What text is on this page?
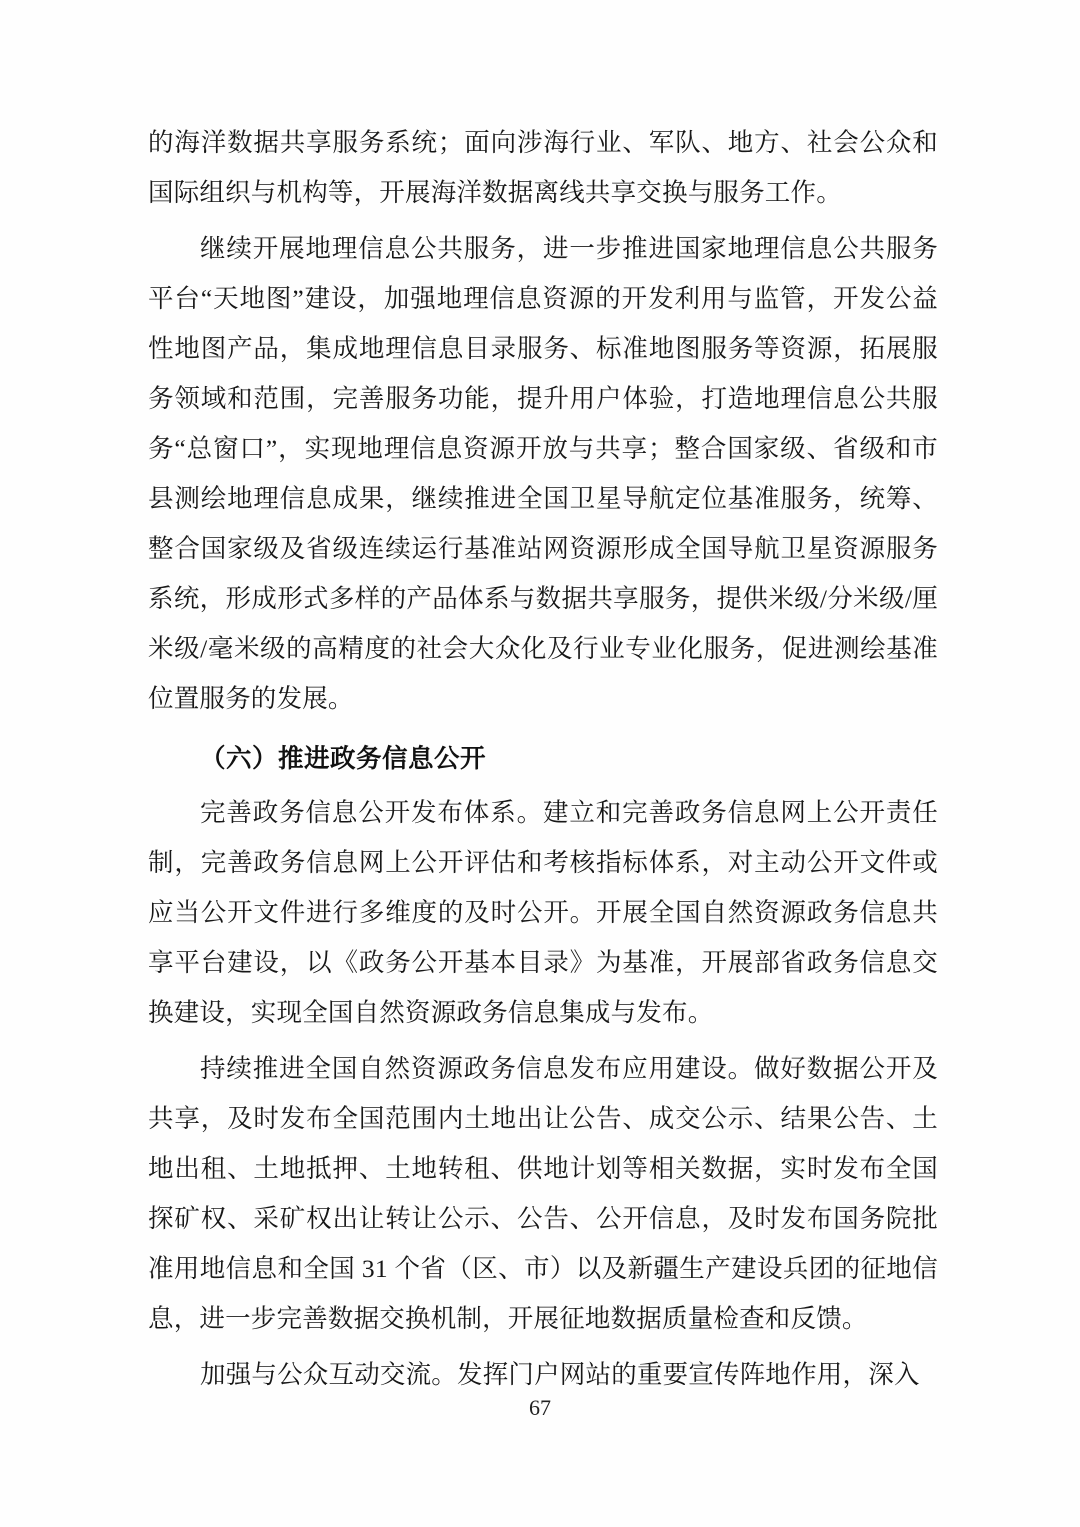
的海洋数据共享服务系统；面向涉海行业、军队、地方、社会公众和国际组织与机构等，开展海洋数据离线共享交换与服务工作。

继续开展地理信息公共服务，进一步推进国家地理信息公共服务平台“天地图”建设，加强地理信息资源的开发利用与监管，开发公益性地图产品，集成地理信息目录服务、标准地图服务等资源，拓展服务领域和范围，完善服务功能，提升用户体验，打造地理信息公共服务“总窗口”，实现地理信息资源开放与共享；整合国家级、省级和市县测绘地理信息成果，继续推进全国卫星导航定位基准服务，统筹、整合国家级及省级连续运行基准站网资源形成全国导航卫星资源服务系统，形成形式多样的产品体系与数据共享服务，提供米级/分米级/厘米级/毫米级的高精度的社会大众化及行业专业化服务，促进测绘基准位置服务的发展。

（六）推进政务信息公开

完善政务信息公开发布体系。建立和完善政务信息网上公开责任制，完善政务信息网上公开评估和考核指标体系，对主动公开文件或应当公开文件进行多维度的及时公开。开展全国自然资源政务信息共享平台建设，以《政务公开基本目录》为基准，开展部省政务信息交换建设，实现全国自然资源政务信息集成与发布。

持续推进全国自然资源政务信息发布应用建设。做好数据公开及共享，及时发布全国范围内土地出让公告、成交公示、结果公告、土地出租、土地抵押、土地转租、供地计划等相关数据，实时发布全国探矿权、采矿权出让转让公示、公告、公开信息，及时发布国务院批准用地信息和全国 31 个省（区、市）以及新疆生产建设兵团的征地信息，进一步完善数据交换机制，开展征地数据质量检查和反馈。

加强与公众互动交流。发挥门户网站的重要宣传阵地作用，深入

67
